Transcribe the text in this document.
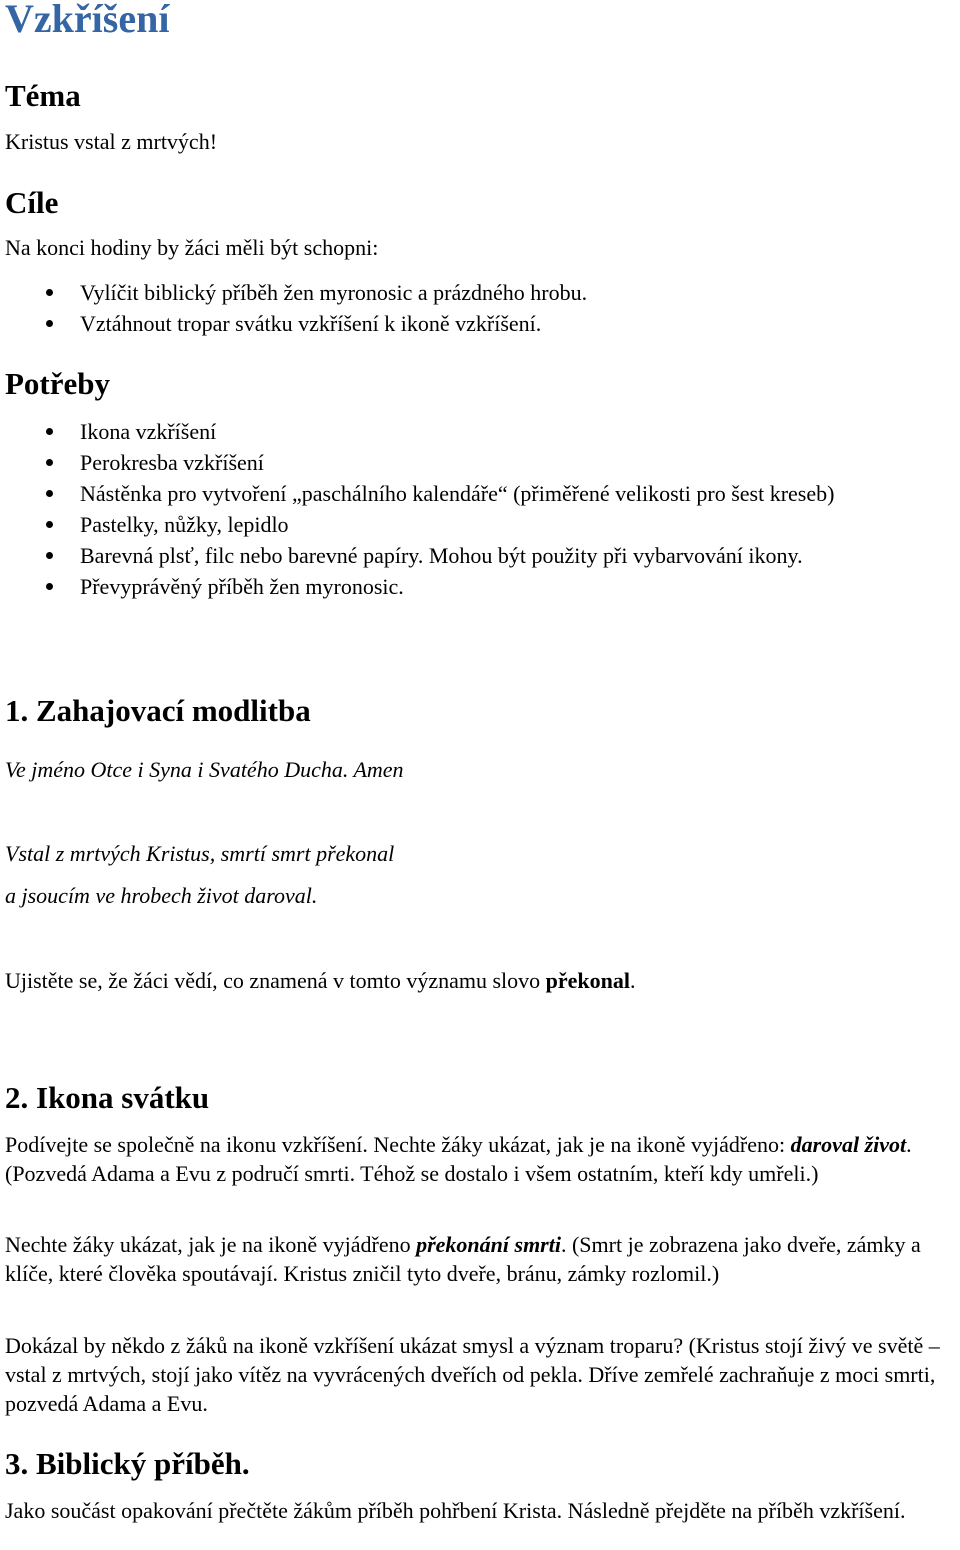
Vzkříšení
Téma
Kristus vstal z mrtvých!
Cíle
Na konci hodiny by žáci měli být schopni:
Vylíčit biblický příběh žen myronosic a prázdného hrobu.
Vztáhnout tropar svátku vzkříšení k ikoně vzkříšení.
Potřeby
Ikona vzkříšení
Perokresba vzkříšení
Nástěnka pro vytvoření „paschálního kalendáře“ (přiměřené velikosti pro šest kreseb)
Pastelky, nůžky, lepidlo
Barevná plsť, filc nebo barevné papíry. Mohou být použity při vybarvování ikony.
Převyprávěný příběh žen myronosic.
1. Zahajovací modlitba
Ve jméno Otce i Syna i Svatého Ducha. Amen
Vstal z mrtvých Kristus, smrtí smrt překonal
a jsoucím ve hrobech život daroval.
Ujistěte se, že žáci vědí, co znamená v tomto významu slovo překonal.
2. Ikona svátku
Podívejte se společně na ikonu vzkříšení. Nechte žáky ukázat, jak je na ikoně vyjádřeno: daroval život. (Pozvedá Adama a Evu z područí smrti. Téhož se dostalo i všem ostatním, kteří kdy umřeli.)
Nechte žáky ukázat, jak je na ikoně vyjádřeno překonání smrti. (Smrt je zobrazena jako dveře, zámky a klíče, které člověka spoutávají. Kristus zničil tyto dveře, bránu, zámky rozlomil.)
Dokázal by někdo z žáků na ikoně vzkříšení ukázat smysl a význam troparu? (Kristus stojí živý ve světě – vstal z mrtvých, stojí jako vítěz na vyvrácených dveřích od pekla. Dříve zemřelé zachraňuje z moci smrti, pozvedá Adama a Evu.
3. Biblický příběh.
Jako součást opakování přečtěte žákům příběh pohřbení Krista. Následně přejděte na příběh vzkříšení.
